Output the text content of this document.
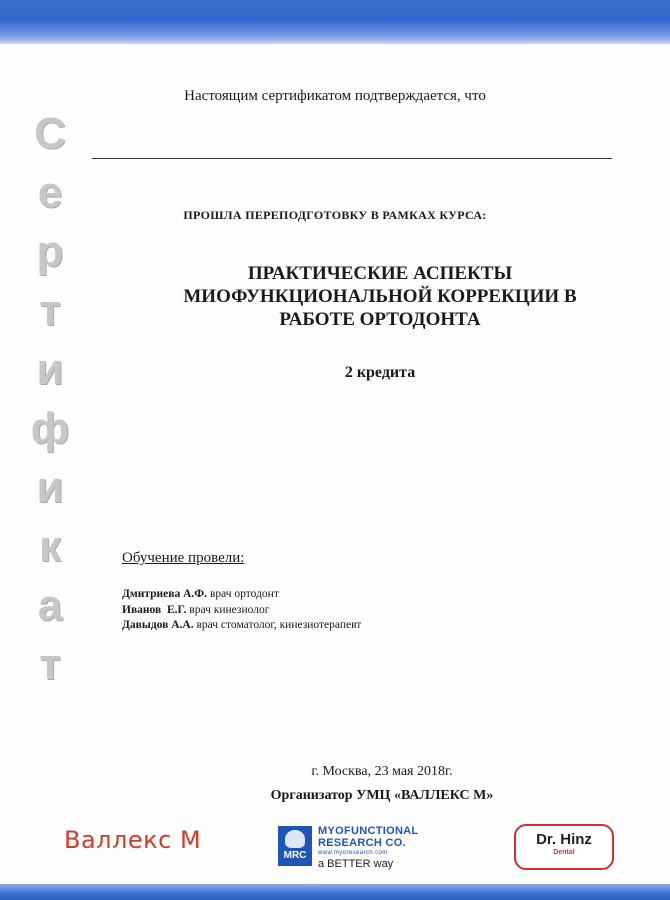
С
е
р
т
и
ф
и
к
а
т
Настоящим сертификатом подтверждается, что
ПРОШЛА ПЕРЕПОДГОТОВКУ В РАМКАХ КУРСА:
ПРАКТИЧЕСКИЕ АСПЕКТЫ
МИОФУНКЦИОНАЛЬНОЙ КОРРЕКЦИИ В
РАБОТЕ ОРТОДОНТА
2 кредита
Обучение провели:
Дмитриева А.Ф. врач ортодонт
Иванов  Е.Г. врач кинезиолог
Давыдов А.А. врач стоматолог, кинезиотерапевт
г. Москва, 23 мая 2018г.
Организатор УМЦ «ВАЛЛЕКС М»
Валлекс М
MRC
MYOFUNCTIONAL
RESEARCH CO.
www.myoresearch.com
a BETTER way
Dr. Hinz
Dental
